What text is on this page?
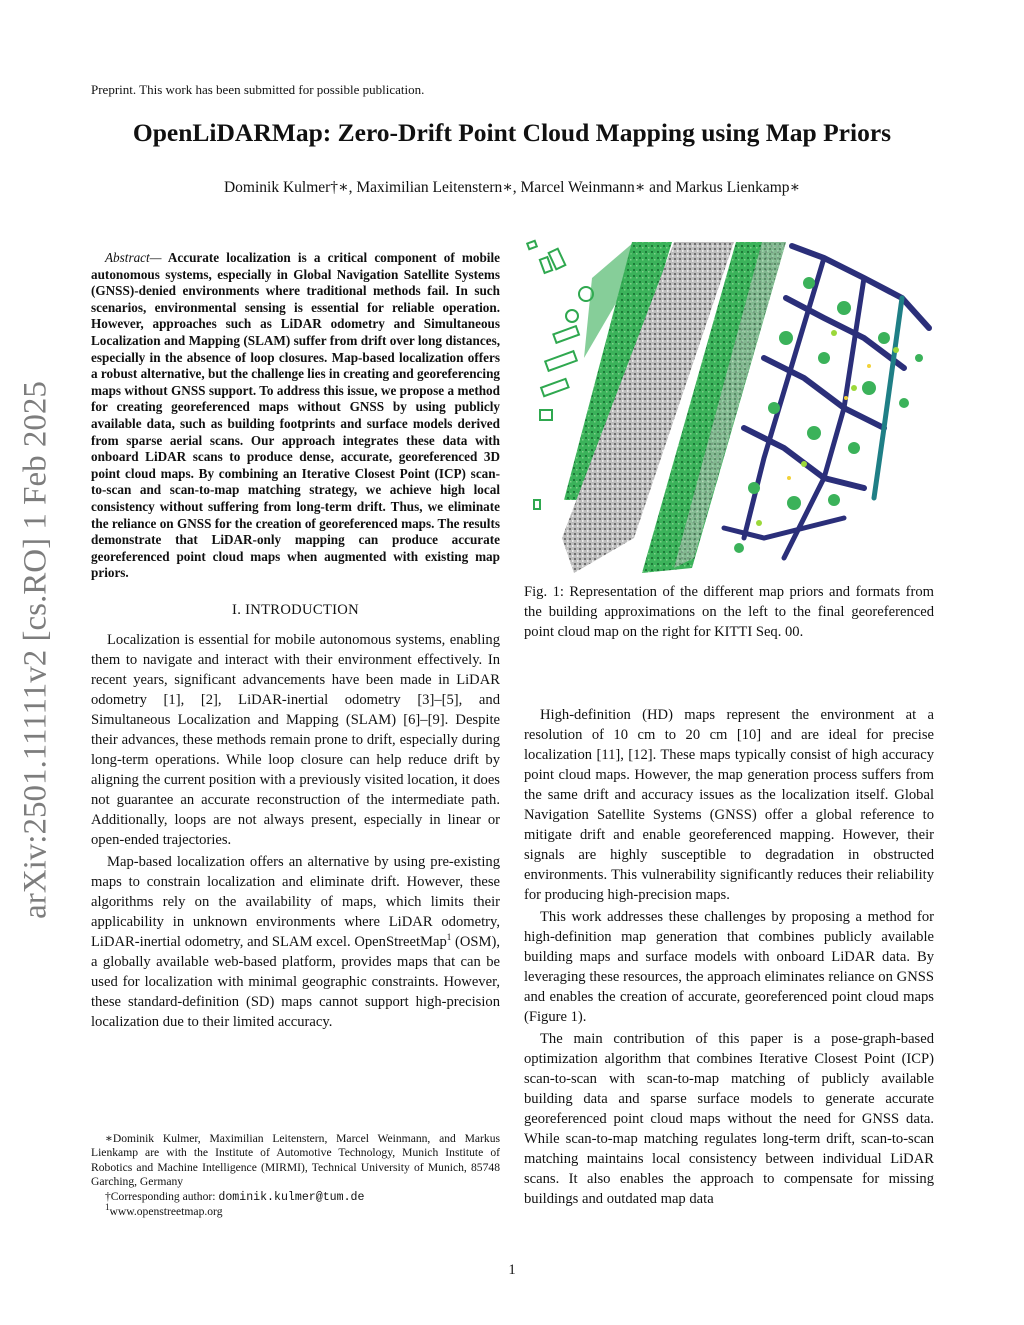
Preprint. This work has been submitted for possible publication.
OpenLiDARMap: Zero-Drift Point Cloud Mapping using Map Priors
Dominik Kulmer†∗, Maximilian Leitenstern∗, Marcel Weinmann∗ and Markus Lienkamp∗
arXiv:2501.11111v2 [cs.RO] 1 Feb 2025

Abstract— Accurate localization is a critical component of mobile autonomous systems, especially in Global Navigation Satellite Systems (GNSS)-denied environments where traditional methods fail. In such scenarios, environmental sensing is essential for reliable operation. However, approaches such as LiDAR odometry and Simultaneous Localization and Mapping (SLAM) suffer from drift over long distances, especially in the absence of loop closures. Map-based localization offers a robust alternative, but the challenge lies in creating and georeferencing maps without GNSS support. To address this issue, we propose a method for creating georeferenced maps without GNSS by using publicly available data, such as building footprints and surface models derived from sparse aerial scans. Our approach integrates these data with onboard LiDAR scans to produce dense, accurate, georeferenced 3D point cloud maps. By combining an Iterative Closest Point (ICP) scan-to-scan and scan-to-map matching strategy, we achieve high local consistency without suffering from long-term drift. Thus, we eliminate the reliance on GNSS for the creation of georeferenced maps. The results demonstrate that LiDAR-only mapping can produce accurate georeferenced point cloud maps when augmented with existing map priors.

I. INTRODUCTION

Localization is essential for mobile autonomous systems, enabling them to navigate and interact with their environment effectively. In recent years, significant advancements have been made in LiDAR odometry [1], [2], LiDAR-inertial odometry [3]–[5], and Simultaneous Localization and Mapping (SLAM) [6]–[9]. Despite their advances, these methods remain prone to drift, especially during long-term operations. While loop closure can help reduce drift by aligning the current position with a previously visited location, it does not guarantee an accurate reconstruction of the intermediate path. Additionally, loops are not always present, especially in linear or open-ended trajectories.

Map-based localization offers an alternative by using pre-existing maps to constrain localization and eliminate drift. However, these algorithms rely on the availability of maps, which limits their applicability in unknown environments where LiDAR odometry, LiDAR-inertial odometry, and SLAM excel. OpenStreetMap$^1$ (OSM), a globally available web-based platform, provides maps that can be used for localization with minimal geographic constraints. However, these standard-definition (SD) maps cannot support high-precision localization due to their limited accuracy.

∗Dominik Kulmer, Maximilian Leitenstern, Marcel Weinmann, and Markus Lienkamp are with the Institute of Automotive Technology, Munich Institute of Robotics and Machine Intelligence (MIRMI), Technical University of Munich, 85748 Garching, Germany

†Corresponding author: dominik.kulmer@tum.de

$^1$www.openstreetmap.org

Fig. 1: Representation of the different map priors and formats from the building approximations on the left to the final georeferenced point cloud map on the right for KITTI Seq. 00.

High-definition (HD) maps represent the environment at a resolution of 10 cm to 20 cm [10] and are ideal for precise localization [11], [12]. These maps typically consist of high accuracy point cloud maps. However, the map generation process suffers from the same drift and accuracy issues as the localization itself. Global Navigation Satellite Systems (GNSS) offer a global reference to mitigate drift and enable georeferenced mapping. However, their signals are highly susceptible to degradation in obstructed environments. This vulnerability significantly reduces their reliability for producing high-precision maps.

This work addresses these challenges by proposing a method for high-definition map generation that combines publicly available building maps and surface models with onboard LiDAR data. By leveraging these resources, the approach eliminates reliance on GNSS and enables the creation of accurate, georeferenced point cloud maps (Figure 1).

The main contribution of this paper is a pose-graph-based optimization algorithm that combines Iterative Closest Point (ICP) scan-to-scan with scan-to-map matching of publicly available building data and sparse surface models to generate accurate georeferenced point cloud maps without the need for GNSS data. While scan-to-map matching regulates long-term drift, scan-to-scan matching maintains local consistency between individual LiDAR scans. It also enables the approach to compensate for missing buildings and outdated map data

1
